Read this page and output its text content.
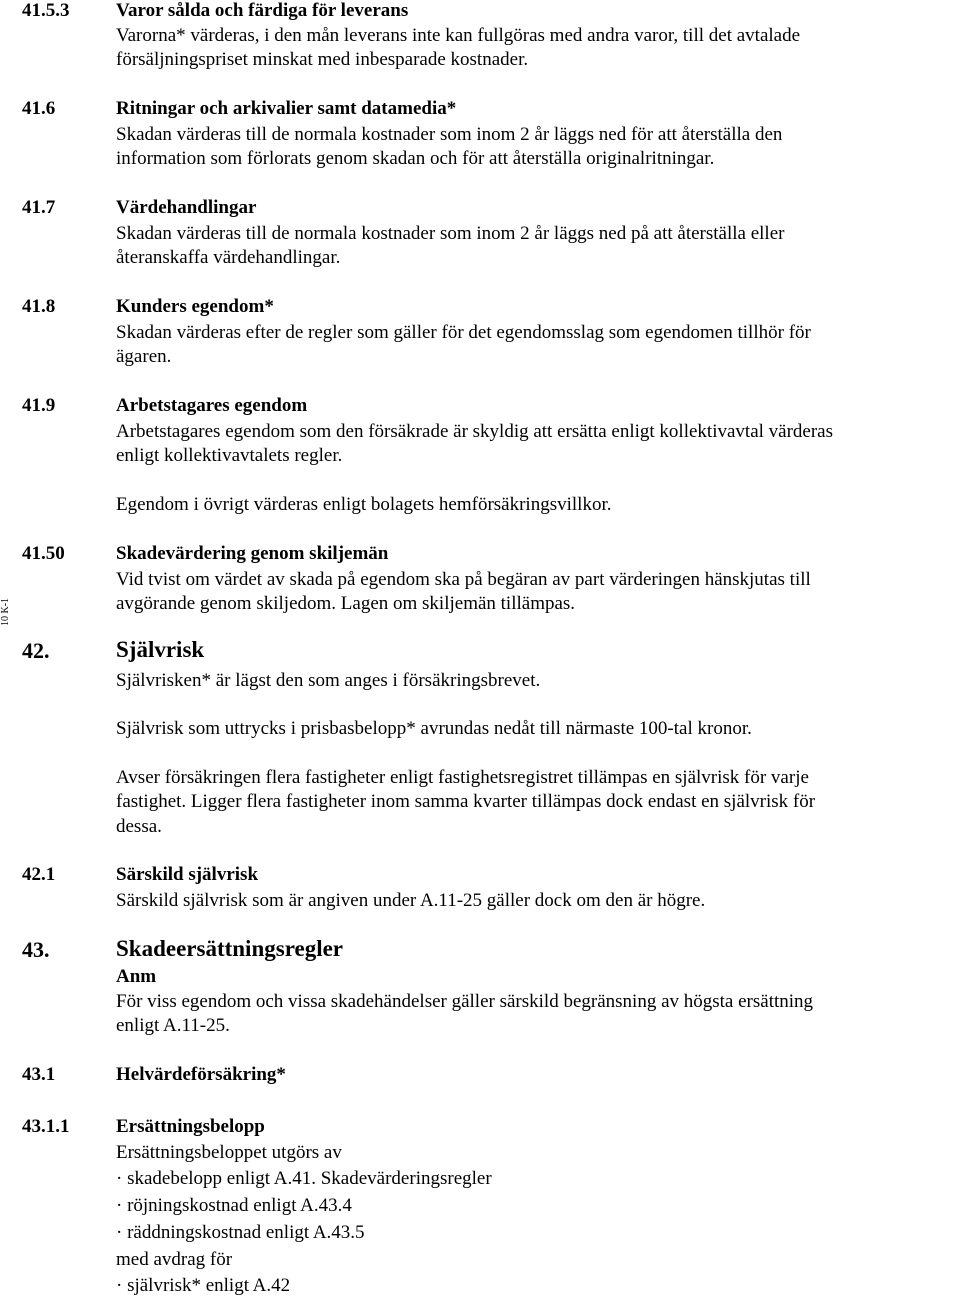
10 K-1
41.5.3 Varor sålda och färdiga för leverans
Varorna* värderas, i den mån leverans inte kan fullgöras med andra varor, till det avtalade
försäljningspriset minskat med inbesparade kostnader.
41.6	Ritningar och arkivalier samt datamedia*
Skadan värderas till de normala kostnader som inom 2 år läggs ned för att återställa den
information som förlorats genom skadan och för att återställa originalritningar.
41.7	Värdehandlingar
Skadan värderas till de normala kostnader som inom 2 år läggs ned på att återställa eller
återanskaffa värdehandlingar.
41.8	Kunders egendom*
Skadan värderas efter de regler som gäller för det egendomsslag som egendomen tillhör för
ägaren.
41.9	Arbetstagares egendom
Arbetstagares egendom som den försäkrade är skyldig att ersätta enligt kollektivavtal värderas
enligt kollektivavtalets regler.
Egendom i övrigt värderas enligt bolagets hemförsäkringsvillkor.
41.50	Skadevärdering genom skiljemän
Vid tvist om värdet av skada på egendom ska på begäran av part värderingen hänskjutas till
avgörande genom skiljedom. Lagen om skiljemän tillämpas.
42.	Självrisk
Självrisken* är lägst den som anges i försäkringsbrevet.
Självrisk som uttrycks i prisbasbelopp* avrundas nedåt till närmaste 100-tal kronor.
Avser försäkringen flera fastigheter enligt fastighetsregistret tillämpas en självrisk för varje
fastighet. Ligger flera fastigheter inom samma kvarter tillämpas dock endast en självrisk för
dessa.
42.1	Särskild självrisk
Särskild självrisk som är angiven under A.11-25 gäller dock om den är högre.
43.	Skadeersättningsregler
Anm
För viss egendom och vissa skadehändelser gäller särskild begränsning av högsta ersättning
enligt A.11-25.
43.1	Helvärdeförsäkring*
43.1.1 Ersättningsbelopp
Ersättningsbeloppet utgörs av
· skadebelopp enligt A.41. Skadevärderingsregler
· röjningskostnad enligt A.43.4
· räddningskostnad enligt A.43.5
med avdrag för
· självrisk* enligt A.42
